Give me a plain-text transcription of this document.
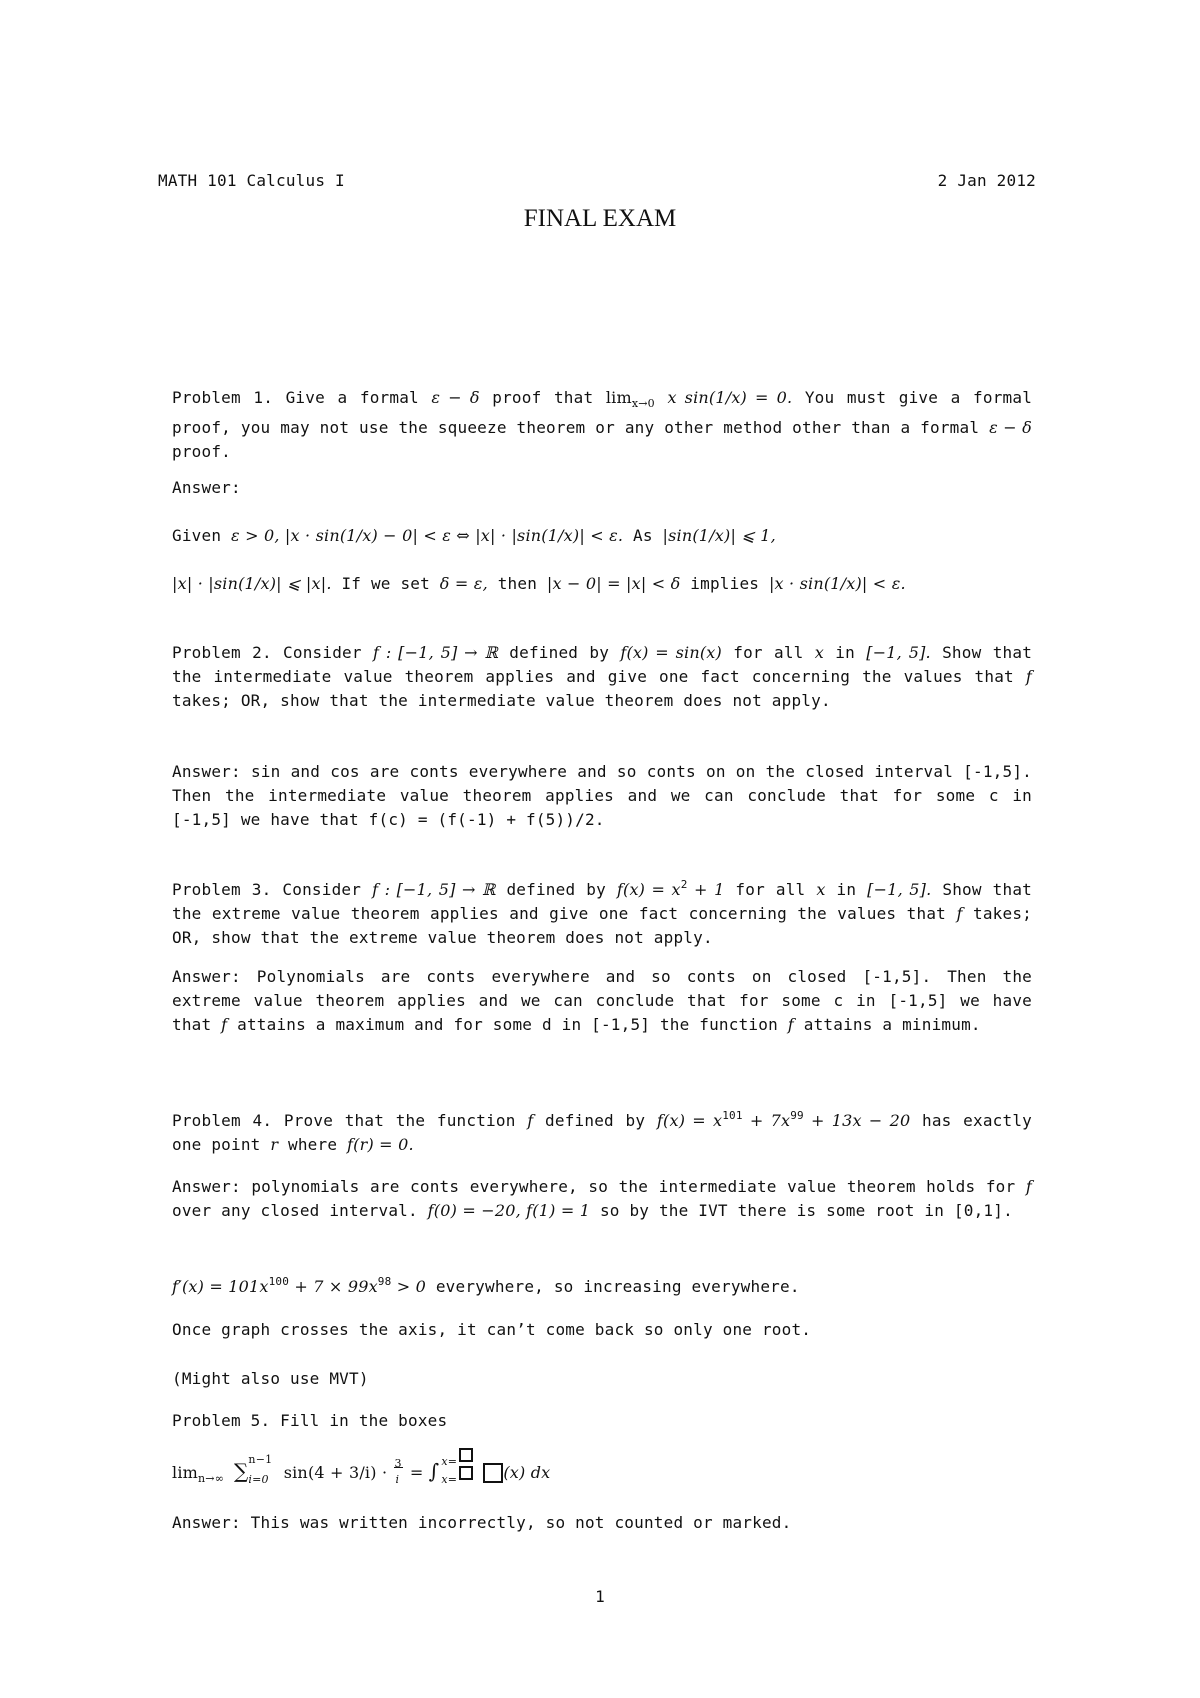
MATH 101 Calculus I	2 Jan 2012
FINAL EXAM
Problem 1. Give a formal ε − δ proof that $\lim_{x\to 0} x$ sin(1/x) = 0. You must give a formal proof, you may not use the squeeze theorem or any other method other than a formal ε − δ proof.
Answer:
Given ε > 0, |x · sin(1/x) − 0| < ε ⇔ |x| · |sin(1/x)| < ε. As |sin(1/x)| ⩽ 1,
|x| · |sin(1/x)| ⩽ |x|. If we set δ = ε, then |x − 0| = |x| < δ implies |x · sin(1/x)| < ε.
Problem 2. Consider f : [−1, 5] → ℝ defined by f(x) = sin(x) for all x in [−1, 5]. Show that the intermediate value theorem applies and give one fact concerning the values that f takes; OR, show that the intermediate value theorem does not apply.
Answer: sin and cos are conts everywhere and so conts on on the closed interval [-1,5]. Then the intermediate value theorem applies and we can conclude that for some c in [-1,5] we have that f(c) = (f(-1) + f(5))/2.
Problem 3. Consider f : [−1, 5] → ℝ defined by $f(x) = x^2 + 1$ for all x in [−1, 5]. Show that the extreme value theorem applies and give one fact concerning the values that f takes; OR, show that the extreme value theorem does not apply.
Answer: Polynomials are conts everywhere and so conts on closed [-1,5]. Then the extreme value theorem applies and we can conclude that for some c in [-1,5] we have that f attains a maximum and for some d in [-1,5] the function f attains a minimum.
Problem 4. Prove that the function f defined by $f(x) = x^{101} + 7x^{99} + 13x - 20$ has exactly one point r where f(r) = 0.
Answer: polynomials are conts everywhere, so the intermediate value theorem holds for f over any closed interval. f(0) = −20, f(1) = 1 so by the IVT there is some root in [0,1].
$f'(x) = 101x^{100} + 7 \times 99x^{98} > 0$ everywhere, so increasing everywhere.
Once graph crosses the axis, it can’t come back so only one root.
(Might also use MVT)
Problem 5. Fill in the boxes
$\lim_{n\to\infty}$ ∑ n−1
i=0 sin(4 + 3/i) · 3
i = ∫ x=
x=	(x) dx
Answer: This was written incorrectly, so not counted or marked.
1
